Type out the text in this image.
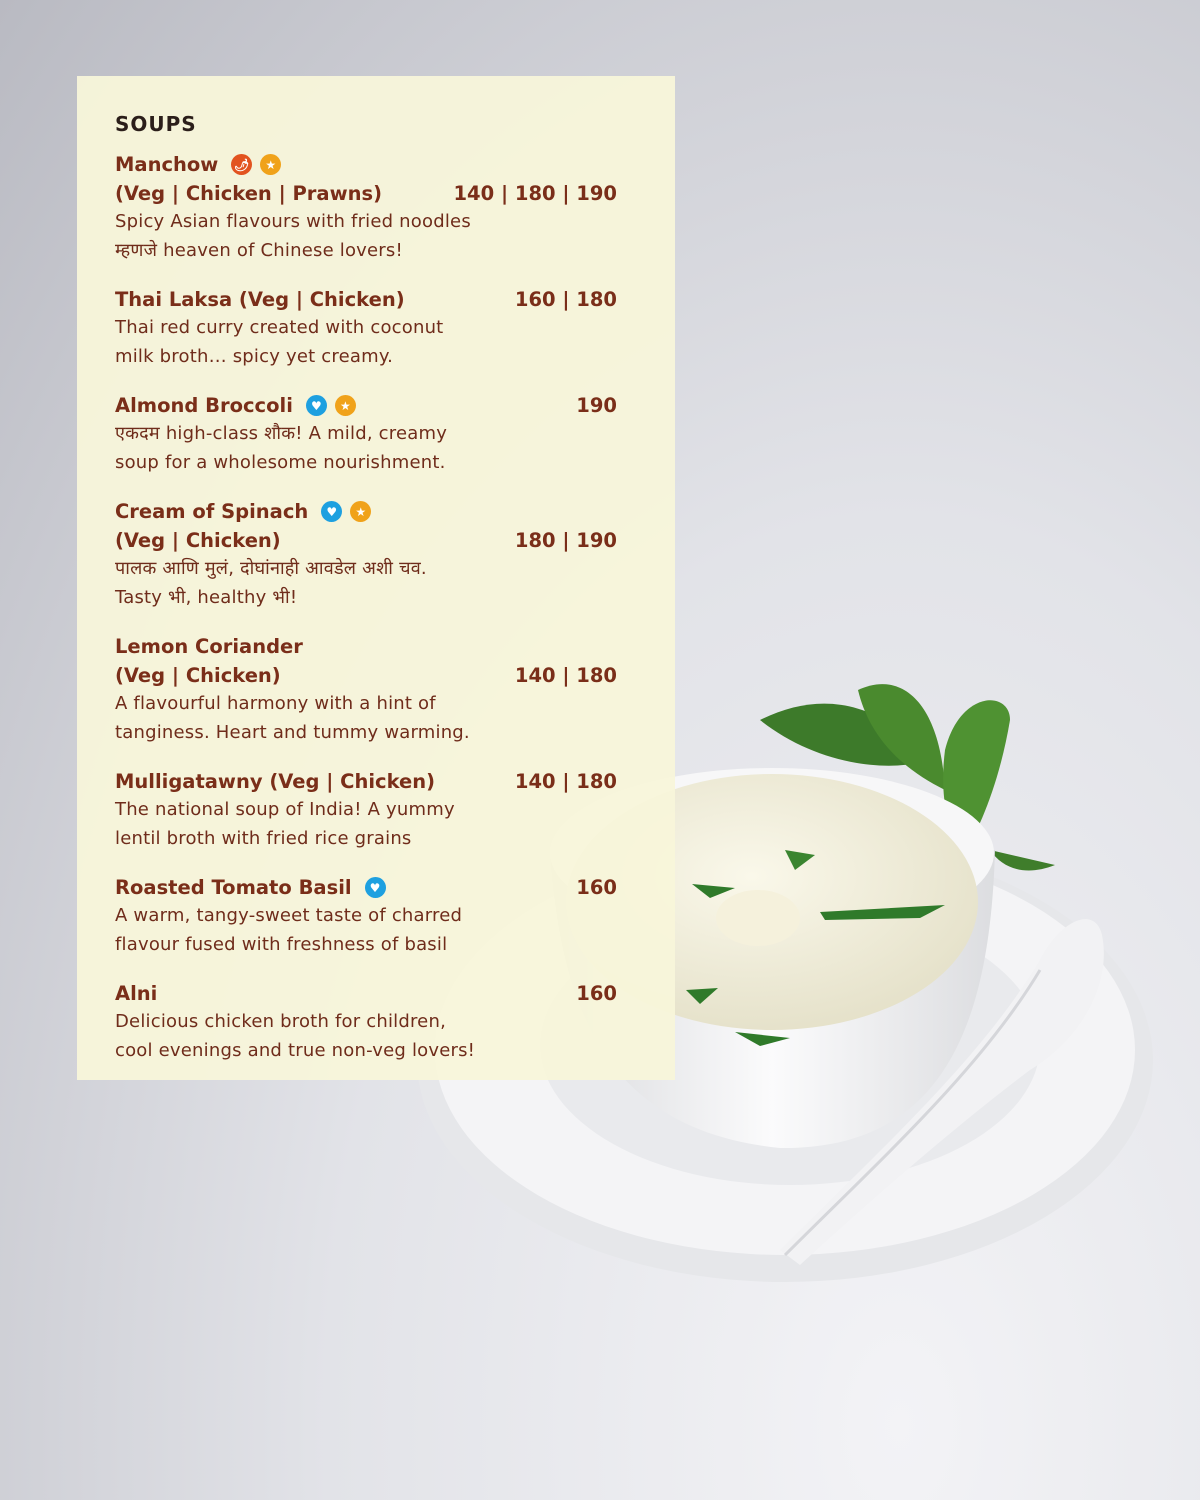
SOUPS
Manchow 🌶︎	★
(Veg | Chicken | Prawns)	140 | 180 | 190
Spicy Asian flavours with fried noodles
म्हणजे heaven of Chinese lovers!
Thai Laksa (Veg | Chicken)	160 | 180
Thai red curry created with coconut
milk broth… spicy yet creamy.
Almond Broccoli	♥	★	190
एकदम high-class शौक! A mild, creamy
soup for a wholesome nourishment.
Cream of Spinach	♥	★
(Veg | Chicken)	180 | 190
पालक आणि मुलं, दोघांनाही आवडेल अशी चव.
Tasty भी, healthy भी!
Lemon Coriander
(Veg | Chicken)	140 | 180
A flavourful harmony with a hint of
tanginess. Heart and tummy warming.
Mulligatawny (Veg | Chicken)	140 | 180
The national soup of India! A yummy
lentil broth with fried rice grains
Roasted Tomato Basil	♥	160
A warm, tangy-sweet taste of charred
flavour fused with freshness of basil
Alni	160
Delicious chicken broth for children,
cool evenings and true non-veg lovers!
